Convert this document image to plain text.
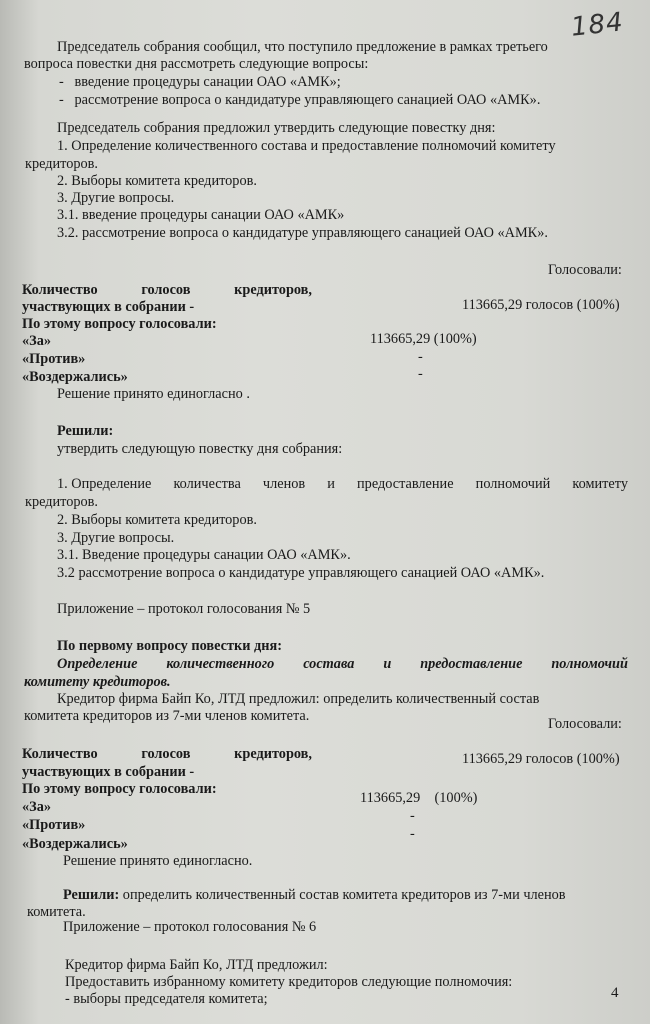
184
Председатель собрания сообщил, что поступило предложение в рамках третьего
вопроса повестки дня рассмотреть следующие вопросы:
-   введение процедуры санации ОАО «АМК»;
-   рассмотрение вопроса о кандидатуре управляющего санацией ОАО «АМК».
Председатель собрания предложил утвердить следующие повестку дня:
1. Определение количественного состава и предоставление полномочий комитету
кредиторов.
2. Выборы комитета кредиторов.
3. Другие вопросы.
3.1. введение процедуры санации ОАО «АМК»
3.2. рассмотрение вопроса о кандидатуре управляющего санацией ОАО «АМК».
Голосовали:
Количество	голосов	кредиторов,
участвующих в собрании -	113665,29 голосов (100%)
По этому вопросу голосовали:
«За»	113665,29 (100%)
«Против»	-
«Воздержались»	-
Решение принято единогласно .
Решили:
утвердить следующую повестку дня собрания:
1. Определение количества членов и предоставление полномочий комитету
кредиторов.
2. Выборы комитета кредиторов.
3. Другие вопросы.
3.1. Введение процедуры санации ОАО «АМК».
3.2 рассмотрение вопроса о кандидатуре управляющего санацией ОАО «АМК».
Приложение – протокол голосования № 5
По первому вопросу повестки дня:
Определение количественного состава и предоставление полномочий
комитету кредиторов.
Кредитор фирма Байп Ко, ЛТД предложил: определить количественный состав
комитета кредиторов из 7-ми членов комитета.	Голосовали:
Количество	голосов	кредиторов,
участвующих в собрании -
113665,29 голосов (100%)
По этому вопросу голосовали:
«За»
113665,29    (100%)
«Против»
-
«Воздержались»
-
Решение принято единогласно.
Решили: определить количественный состав комитета кредиторов из 7-ми членов
комитета.
Приложение – протокол голосования № 6
Кредитор фирма Байп Ко, ЛТД предложил:
Предоставить избранному комитету кредиторов следующие полномочия:
- выборы председателя комитета;	4
